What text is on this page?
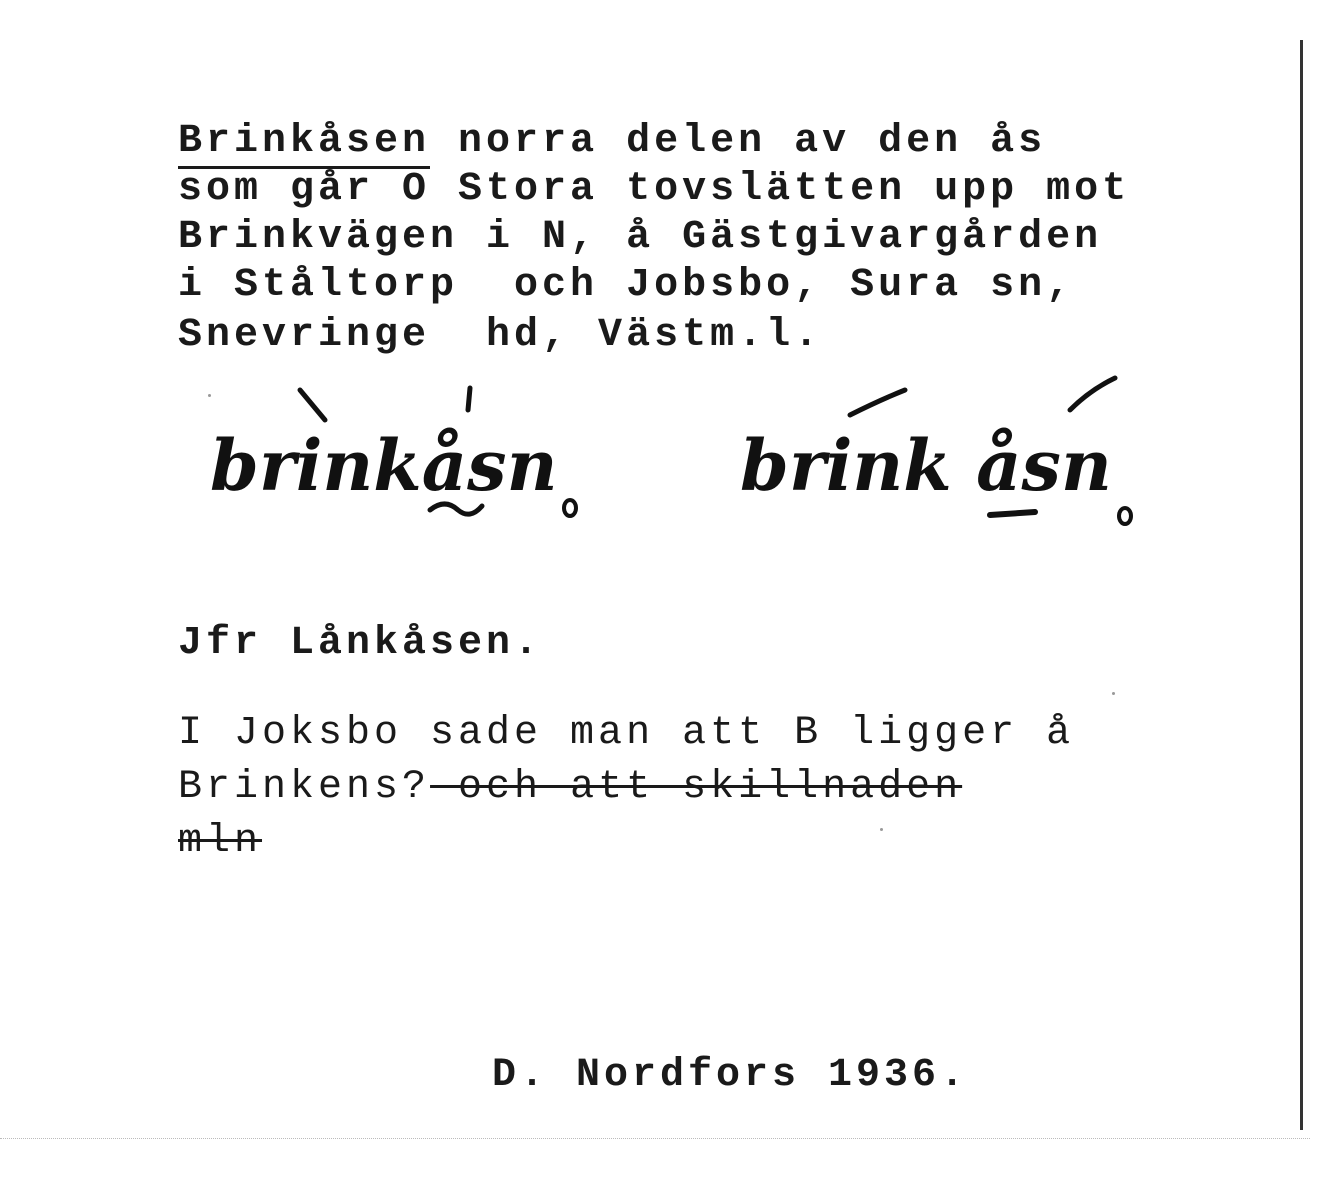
Brinkåsen norra delen av den ås
som går O Stora tovslätten upp mot
Brinkvägen i N, å Gästgivargården
i Ståltorp  och Jobsbo, Sura sn,
Snevringe  hd, Västm.l.
brinkåsn	brink åsn
Jfr Lånkåsen.
I Joksbo sade man att B ligger å
Brinkens? och att skillnaden
mln
D. Nordfors 1936.
